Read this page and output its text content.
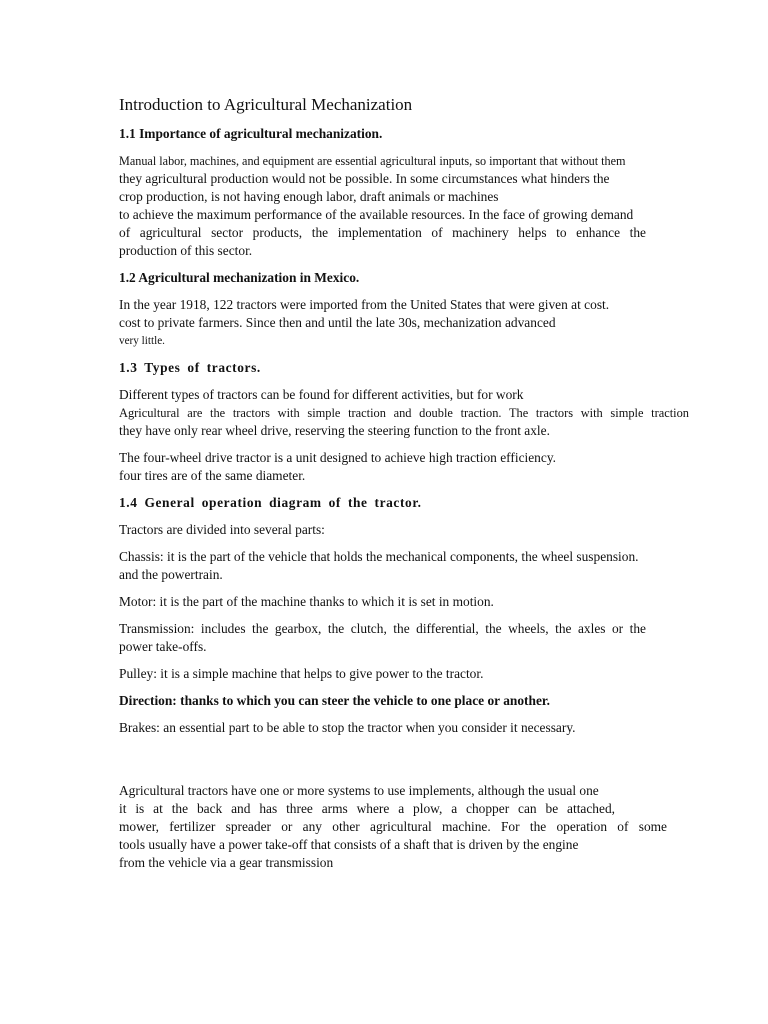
Introduction to Agricultural Mechanization
1.1 Importance of agricultural mechanization.
Manual labor, machines, and equipment are essential agricultural inputs, so important that without them
they agricultural production would not be possible. In some circumstances what hinders the
crop production, is not having enough labor, draft animals or machines
to achieve the maximum performance of the available resources. In the face of growing demand
of agricultural sector products, the implementation of machinery helps to enhance the
production of this sector.
1.2 Agricultural mechanization in Mexico.
In the year 1918, 122 tractors were imported from the United States that were given at cost.
cost to private farmers. Since then and until the late 30s, mechanization advanced
very little.
1.3 Types of tractors.
Different types of tractors can be found for different activities, but for work
Agricultural are the tractors with simple traction and double traction. The tractors with simple traction
they have only rear wheel drive, reserving the steering function to the front axle.
The four-wheel drive tractor is a unit designed to achieve high traction efficiency.
four tires are of the same diameter.
1.4 General operation diagram of the tractor.
Tractors are divided into several parts:
Chassis: it is the part of the vehicle that holds the mechanical components, the wheel suspension.
and the powertrain.
Motor: it is the part of the machine thanks to which it is set in motion.
Transmission: includes the gearbox, the clutch, the differential, the wheels, the axles or the
power take-offs.
Pulley: it is a simple machine that helps to give power to the tractor.
Direction: thanks to which you can steer the vehicle to one place or another.
Brakes: an essential part to be able to stop the tractor when you consider it necessary.
Agricultural tractors have one or more systems to use implements, although the usual one
it is at the back and has three arms where a plow, a chopper can be attached,
mower, fertilizer spreader or any other agricultural machine. For the operation of some
tools usually have a power take-off that consists of a shaft that is driven by the engine
from the vehicle via a gear transmission
